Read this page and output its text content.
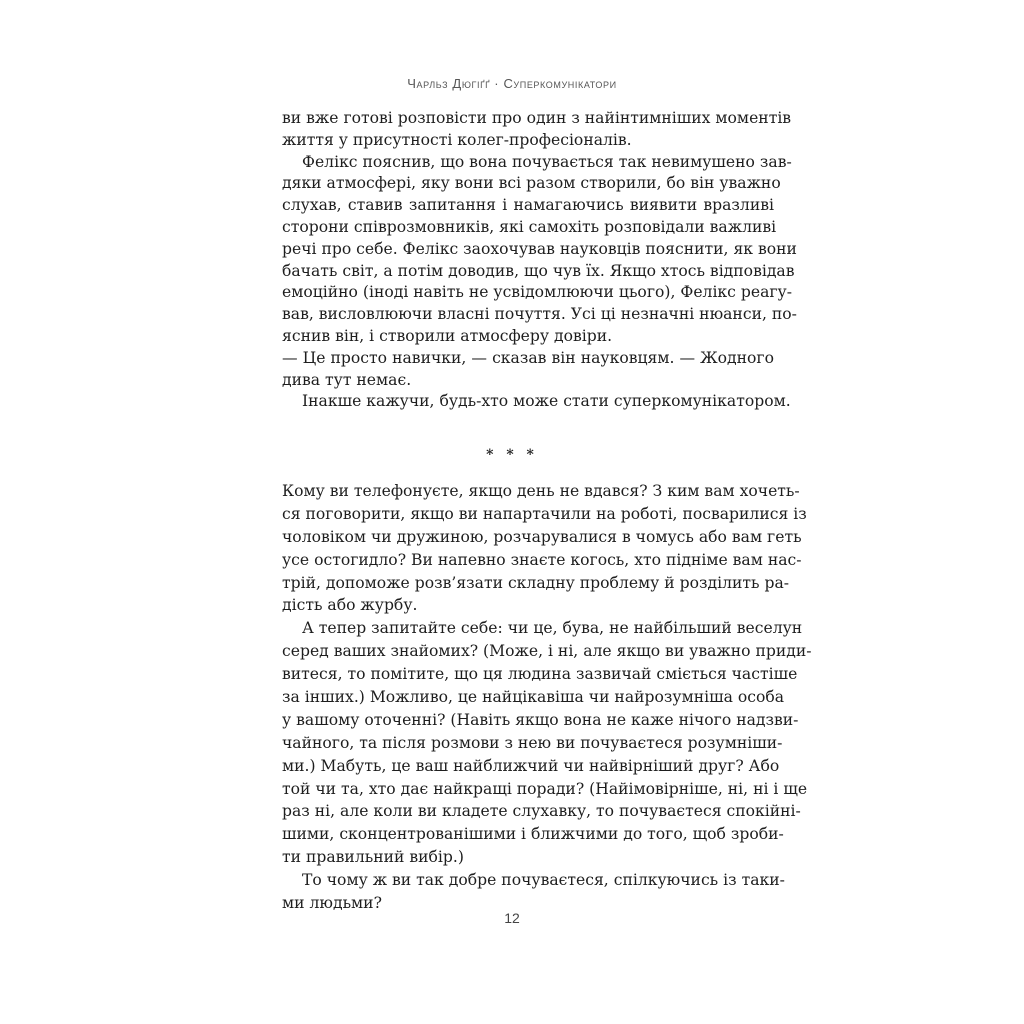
Чарльз Дюгіґґ · Суперкомунікатори
ви вже готові розповісти про один з найінтимніших моментів
життя у присутності колег-професіоналів.
Фелікс пояснив, що вона почувається так невимушено зав-
дяки атмосфері, яку вони всі разом створили, бо він уважно
слухав, ставив запитання і намагаючись виявити вразливі
сторони співрозмовників, які самохіть розповідали важливі
речі про себе. Фелікс заохочував науковців пояснити, як вони
бачать світ, а потім доводив, що чув їх. Якщо хтось відповідав
емоційно (іноді навіть не усвідомлюючи цього), Фелікс реагу-
вав, висловлюючи власні почуття. Усі ці незначні нюанси, по-
яснив він, і створили атмосферу довіри.
— Це просто навички, — сказав він науковцям. — Жодного
дива тут немає.
Інакше кажучи, будь-хто може стати суперкомунікатором.
* * *
Кому ви телефонуєте, якщо день не вдався? З ким вам хочеть-
ся поговорити, якщо ви напартачили на роботі, посварилися із
чоловіком чи дружиною, розчарувалися в чомусь або вам геть
усе остогидло? Ви напевно знаєте когось, хто підніме вам нас-
трій, допоможе розв’язати складну проблему й розділить ра-
дість або журбу.
А тепер запитайте себе: чи це, бува, не найбільший веселун
серед ваших знайомих? (Може, і ні, але якщо ви уважно приди-
витеся, то помітите, що ця людина зазвичай сміється частіше
за інших.) Можливо, це найцікавіша чи найрозумніша особа
у вашому оточенні? (Навіть якщо вона не каже нічого надзви-
чайного, та після розмови з нею ви почуваєтеся розумніши-
ми.) Мабуть, це ваш найближчий чи найвірніший друг? Або
той чи та, хто дає найкращі поради? (Найімовірніше, ні, ні і ще
раз ні, але коли ви кладете слухавку, то почуваєтеся спокійні-
шими, сконцентрованішими і ближчими до того, щоб зроби-
ти правильний вибір.)
То чому ж ви так добре почуваєтеся, спілкуючись із таки-
ми людьми?
12
